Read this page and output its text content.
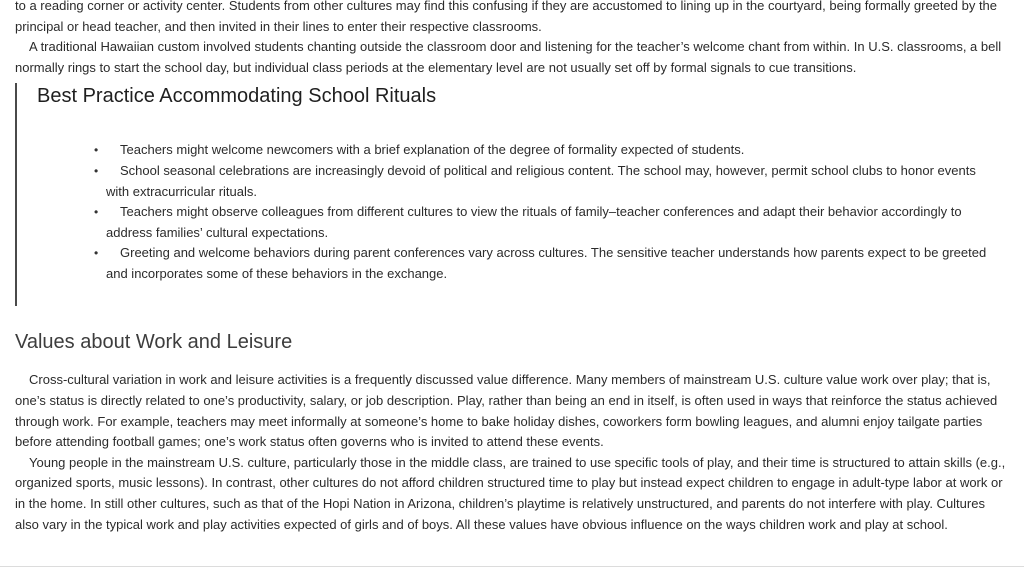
to a reading corner or activity center. Students from other cultures may find this confusing if they are accustomed to lining up in the courtyard, being formally greeted by the principal or head teacher, and then invited in their lines to enter their respective classrooms.

A traditional Hawaiian custom involved students chanting outside the classroom door and listening for the teacher’s welcome chant from within. In U.S. classrooms, a bell normally rings to start the school day, but individual class periods at the elementary level are not usually set off by formal signals to cue transitions.

Best Practice Accommodating School Rituals
• Teachers might welcome newcomers with a brief explanation of the degree of formality expected of students.
• School seasonal celebrations are increasingly devoid of political and religious content. The school may, however, permit school clubs to honor events with extracurricular rituals.
• Teachers might observe colleagues from different cultures to view the rituals of family–teacher conferences and adapt their behavior accordingly to address families’ cultural expectations.
• Greeting and welcome behaviors during parent conferences vary across cultures. The sensitive teacher understands how parents expect to be greeted and incorporates some of these behaviors in the exchange.
Values about Work and Leisure

Cross-cultural variation in work and leisure activities is a frequently discussed value difference. Many members of mainstream U.S. culture value work over play; that is, one’s status is directly related to one’s productivity, salary, or job description. Play, rather than being an end in itself, is often used in ways that reinforce the status achieved through work. For example, teachers may meet informally at someone’s home to bake holiday dishes, coworkers form bowling leagues, and alumni enjoy tailgate parties before attending football games; one’s work status often governs who is invited to attend these events.

Young people in the mainstream U.S. culture, particularly those in the middle class, are trained to use specific tools of play, and their time is structured to attain skills (e.g., organized sports, music lessons). In contrast, other cultures do not afford children structured time to play but instead expect children to engage in adult-type labor at work or in the home. In still other cultures, such as that of the Hopi Nation in Arizona, children’s playtime is relatively unstructured, and parents do not interfere with play. Cultures also vary in the typical work and play activities expected of girls and of boys. All these values have obvious influence on the ways children work and play at school.
